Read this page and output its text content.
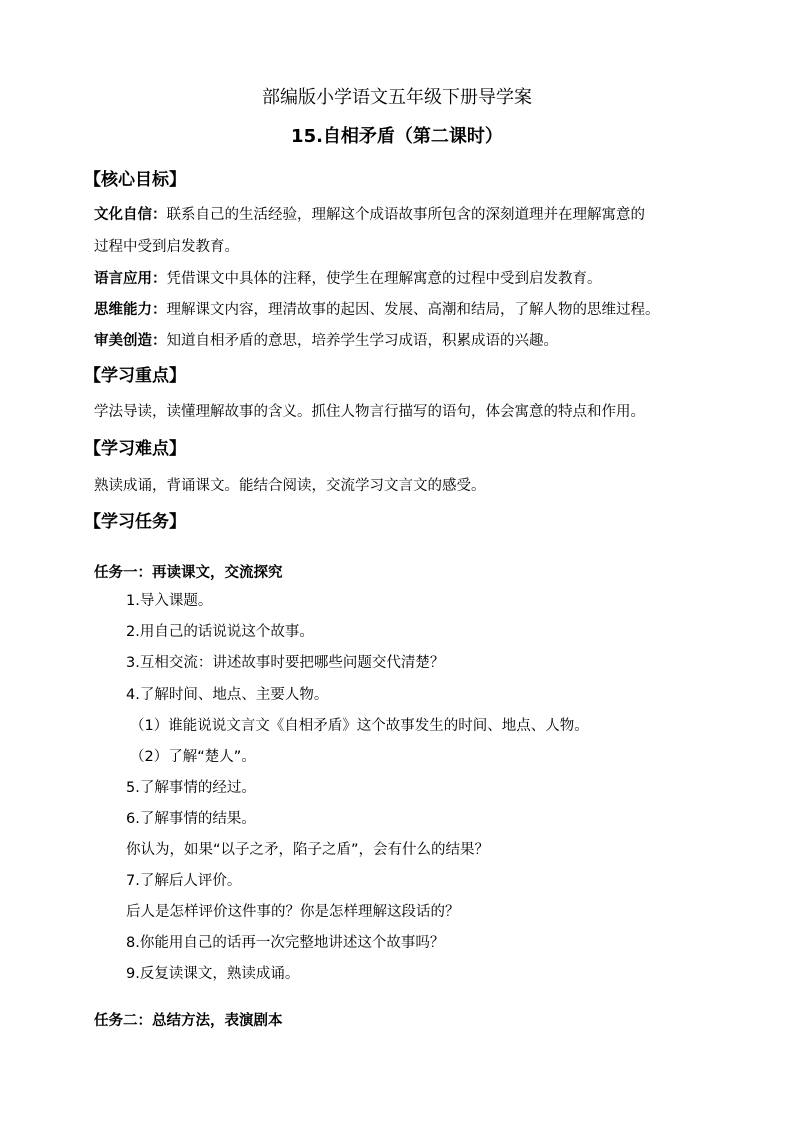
部编版小学语文五年级下册导学案
15.自相矛盾（第二课时）
【核心目标】
文化自信：联系自己的生活经验，理解这个成语故事所包含的深刻道理并在理解寓意的
过程中受到启发教育。
语言应用：凭借课文中具体的注释，使学生在理解寓意的过程中受到启发教育。
思维能力：理解课文内容，理清故事的起因、发展、高潮和结局，了解人物的思维过程。
审美创造：知道自相矛盾的意思，培养学生学习成语，积累成语的兴趣。
【学习重点】
学法导读，读懂理解故事的含义。抓住人物言行描写的语句，体会寓意的特点和作用。
【学习难点】
熟读成诵，背诵课文。能结合阅读，交流学习文言文的感受。
【学习任务】
任务一：再读课文，交流探究
1.导入课题。
2.用自己的话说说这个故事。
3.互相交流：讲述故事时要把哪些问题交代清楚？
4.了解时间、地点、主要人物。
（1）谁能说说文言文《自相矛盾》这个故事发生的时间、地点、人物。
（2）了解“楚人”。
5.了解事情的经过。
6.了解事情的结果。
你认为，如果“以子之矛，陷子之盾”，会有什么的结果？
7.了解后人评价。
后人是怎样评价这件事的？你是怎样理解这段话的？
8.你能用自己的话再一次完整地讲述这个故事吗？
9.反复读课文，熟读成诵。
任务二：总结方法，表演剧本
